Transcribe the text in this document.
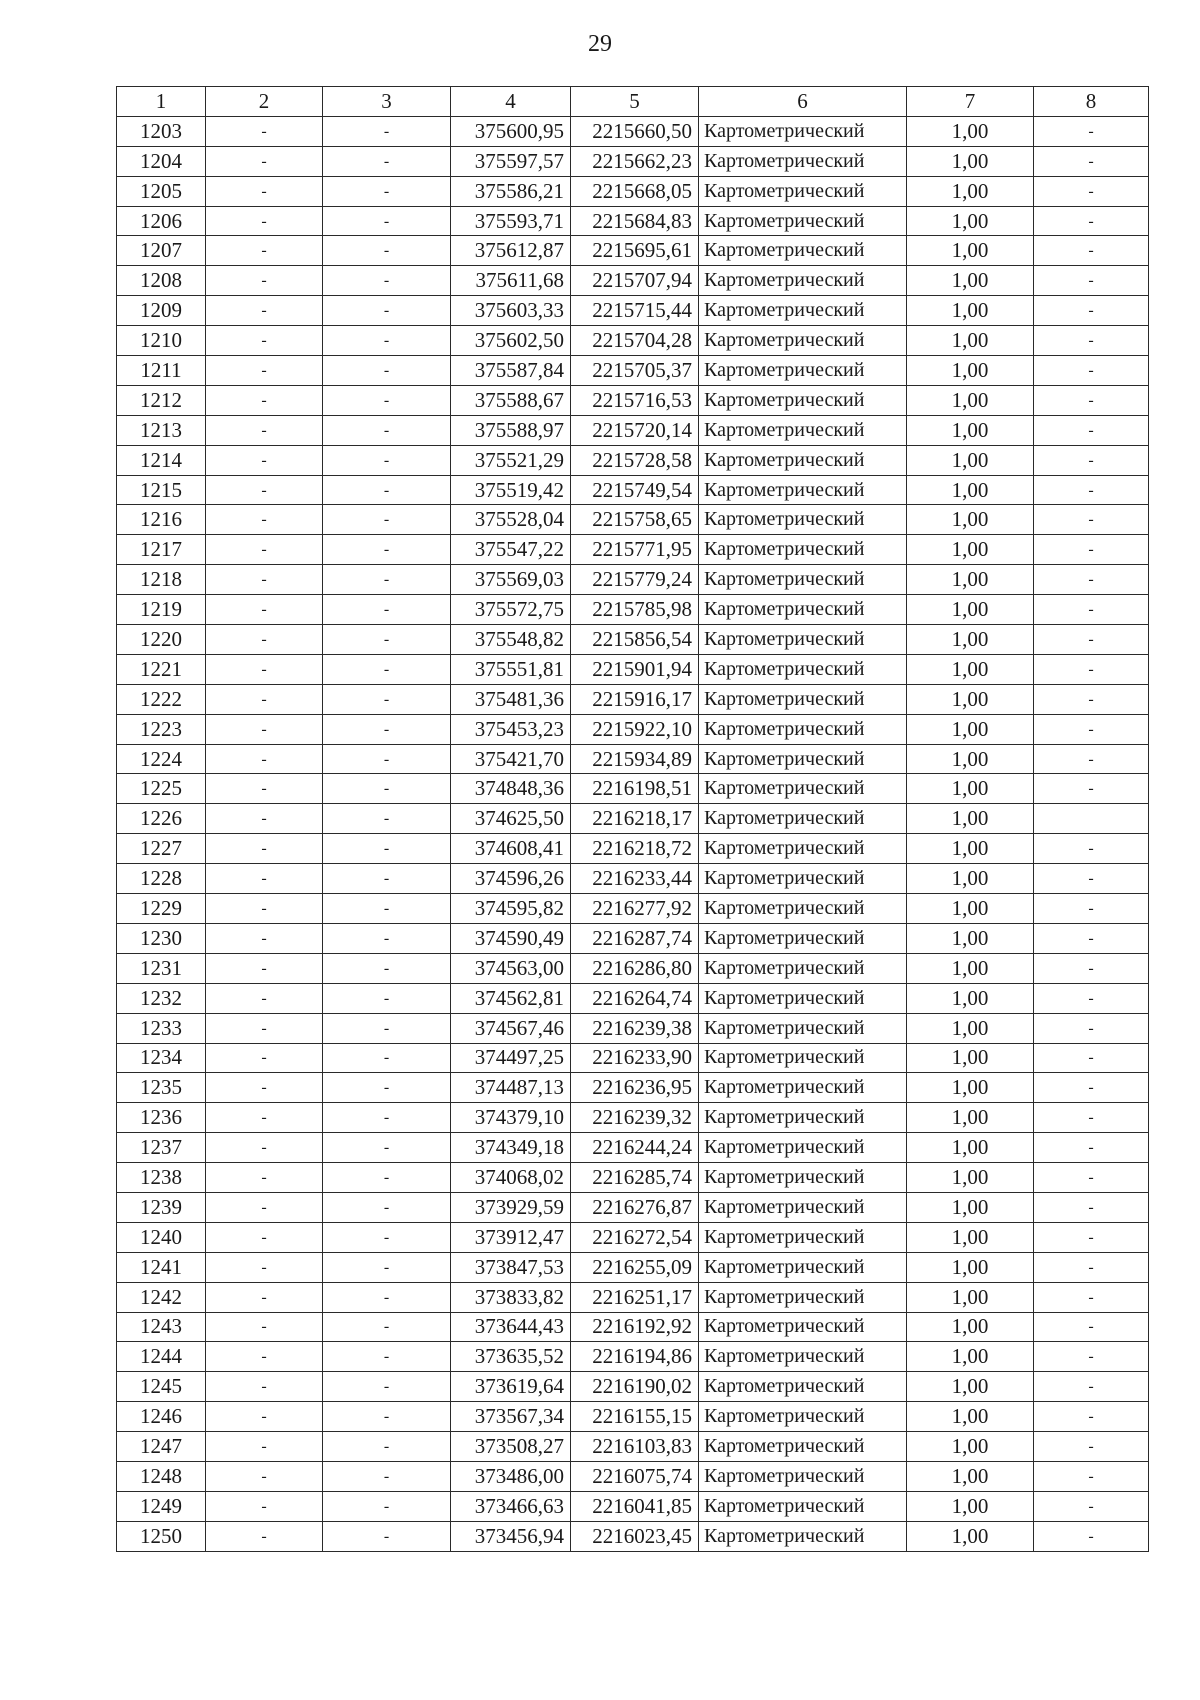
29
1	2	3	4	5	6	7	8
1203	-	-	375600,95	2215660,50	Картометрический	1,00	-
1204	-	-	375597,57	2215662,23	Картометрический	1,00	-
1205	-	-	375586,21	2215668,05	Картометрический	1,00	-
1206	-	-	375593,71	2215684,83	Картометрический	1,00	-
1207	-	-	375612,87	2215695,61	Картометрический	1,00	-
1208	-	-	375611,68	2215707,94	Картометрический	1,00	-
1209	-	-	375603,33	2215715,44	Картометрический	1,00	-
1210	-	-	375602,50	2215704,28	Картометрический	1,00	-
1211	-	-	375587,84	2215705,37	Картометрический	1,00	-
1212	-	-	375588,67	2215716,53	Картометрический	1,00	-
1213	-	-	375588,97	2215720,14	Картометрический	1,00	-
1214	-	-	375521,29	2215728,58	Картометрический	1,00	-
1215	-	-	375519,42	2215749,54	Картометрический	1,00	-
1216	-	-	375528,04	2215758,65	Картометрический	1,00	-
1217	-	-	375547,22	2215771,95	Картометрический	1,00	-
1218	-	-	375569,03	2215779,24	Картометрический	1,00	-
1219	-	-	375572,75	2215785,98	Картометрический	1,00	-
1220	-	-	375548,82	2215856,54	Картометрический	1,00	-
1221	-	-	375551,81	2215901,94	Картометрический	1,00	-
1222	-	-	375481,36	2215916,17	Картометрический	1,00	-
1223	-	-	375453,23	2215922,10	Картометрический	1,00	-
1224	-	-	375421,70	2215934,89	Картометрический	1,00	-
1225	-	-	374848,36	2216198,51	Картометрический	1,00	-
1226	-	-	374625,50	2216218,17	Картометрический	1,00	
1227	-	-	374608,41	2216218,72	Картометрический	1,00	-
1228	-	-	374596,26	2216233,44	Картометрический	1,00	-
1229	-	-	374595,82	2216277,92	Картометрический	1,00	-
1230	-	-	374590,49	2216287,74	Картометрический	1,00	-
1231	-	-	374563,00	2216286,80	Картометрический	1,00	-
1232	-	-	374562,81	2216264,74	Картометрический	1,00	-
1233	-	-	374567,46	2216239,38	Картометрический	1,00	-
1234	-	-	374497,25	2216233,90	Картометрический	1,00	-
1235	-	-	374487,13	2216236,95	Картометрический	1,00	-
1236	-	-	374379,10	2216239,32	Картометрический	1,00	-
1237	-	-	374349,18	2216244,24	Картометрический	1,00	-
1238	-	-	374068,02	2216285,74	Картометрический	1,00	-
1239	-	-	373929,59	2216276,87	Картометрический	1,00	-
1240	-	-	373912,47	2216272,54	Картометрический	1,00	-
1241	-	-	373847,53	2216255,09	Картометрический	1,00	-
1242	-	-	373833,82	2216251,17	Картометрический	1,00	-
1243	-	-	373644,43	2216192,92	Картометрический	1,00	-
1244	-	-	373635,52	2216194,86	Картометрический	1,00	-
1245	-	-	373619,64	2216190,02	Картометрический	1,00	-
1246	-	-	373567,34	2216155,15	Картометрический	1,00	-
1247	-	-	373508,27	2216103,83	Картометрический	1,00	-
1248	-	-	373486,00	2216075,74	Картометрический	1,00	-
1249	-	-	373466,63	2216041,85	Картометрический	1,00	-
1250	-	-	373456,94	2216023,45	Картометрический	1,00	-
